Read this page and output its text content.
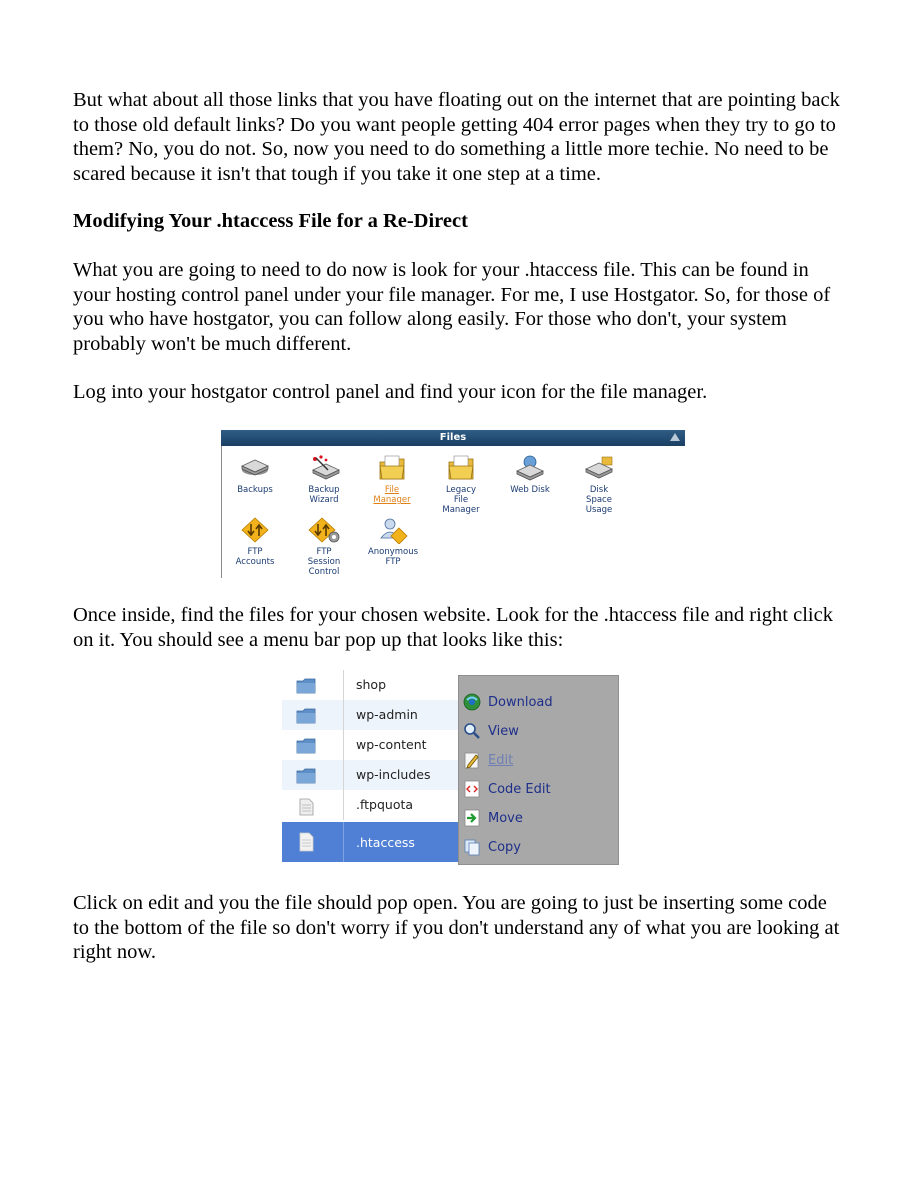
But what about all those links that you have floating out on the internet that are pointing back to those old default links? Do you want people getting 404 error pages when they try to go to them? No, you do not. So, now you need to do something a little more techie. No need to be scared because it isn't that tough if you take it one step at a time.
Modifying Your .htaccess File for a Re-Direct
What you are going to need to do now is look for your .htaccess file. This can be found in your hosting control panel under your file manager. For me, I use Hostgator. So, for those of you who have hostgator, you can follow along easily. For those who don't, your system probably won't be much different.
Log into your hostgator control panel and find your icon for the file manager.
Files
Backups	Backup
Wizard
File
Manager
Legacy
File
Manager
Web Disk	Disk
Space
Usage
FTP
Accounts
FTP
Session
Control
Anonymous
FTP
Once inside, find the files for your chosen website. Look for the .htaccess file and right click on it. You should see a menu bar pop up that looks like this:
shop
wp-admin
wp-content
wp-includes
.ftpquota
.htaccess
Download
View
Edit
Code Edit
Move
Copy
Click on edit and you the file should pop open. You are going to just be inserting some code to the bottom of the file so don't worry if you don't understand any of what you are looking at right now.
